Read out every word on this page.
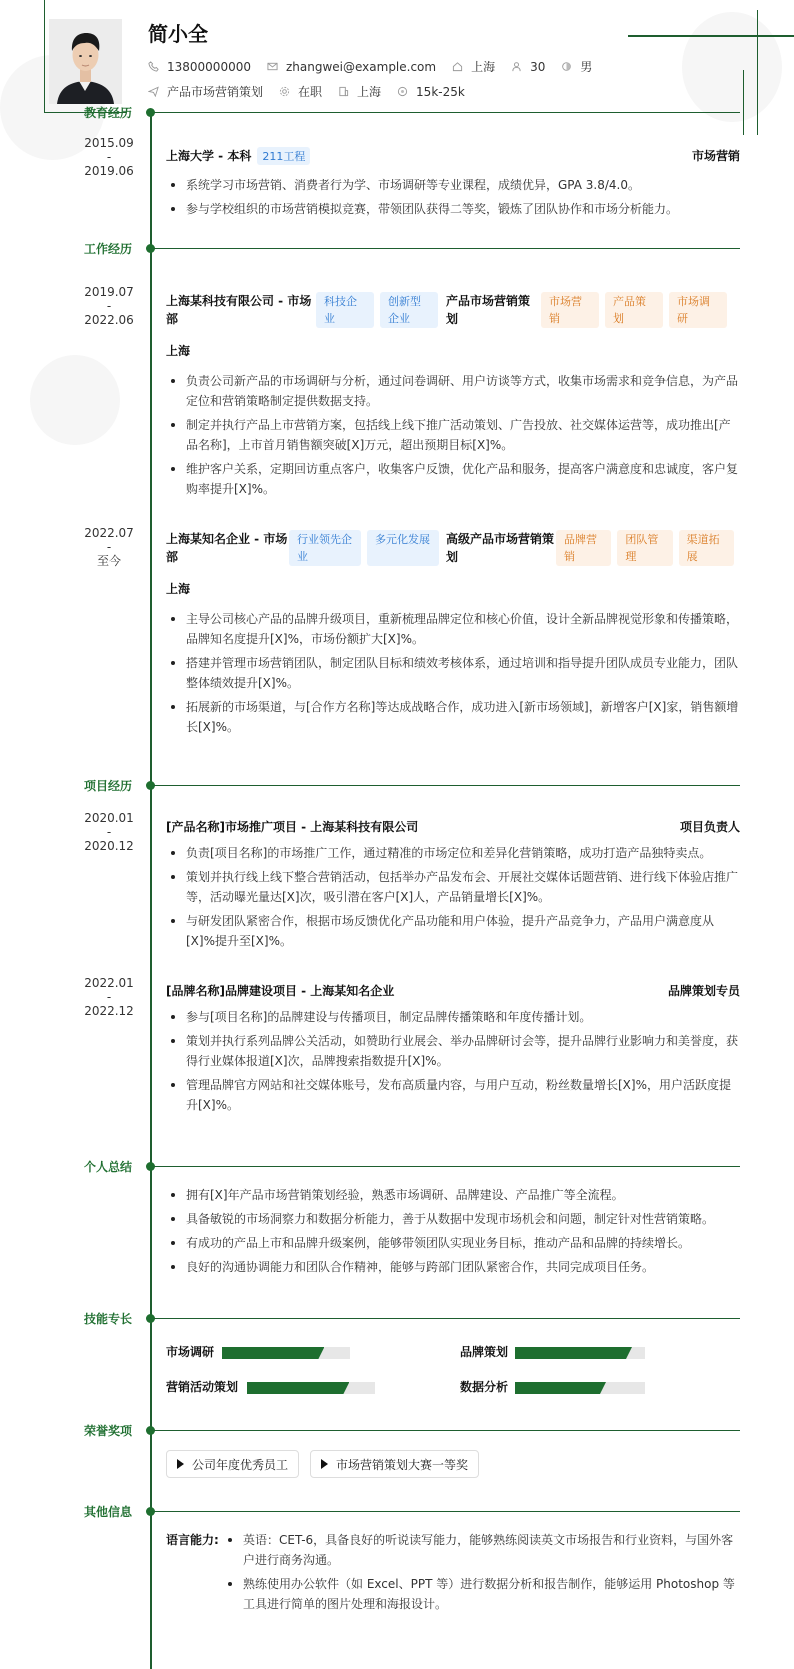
简小全
13800000000	zhangwei@example.com	上海	30	男
产品市场营销策划	在职	上海	15k-25k
教育经历
2015.09
-
2019.06
上海大学 - 本科 211工程	市场营销
系统学习市场营销、消费者行为学、市场调研等专业课程，成绩优异，GPA 3.8/4.0。
参与学校组织的市场营销模拟竞赛，带领团队获得二等奖，锻炼了团队协作和市场分析能力。
工作经历
2019.07
-
2022.06
上海某科技有限公司 - 市场部
科技企业
创新型企业
产品市场营销策划
市场营销
产品策划
市场调研
上海
负责公司新产品的市场调研与分析，通过问卷调研、用户访谈等方式，收集市场需求和竞争信息，为产品定位和营销策略制定提供数据支持。
制定并执行产品上市营销方案，包括线上线下推广活动策划、广告投放、社交媒体运营等，成功推出[产品名称]，上市首月销售额突破[X]万元，超出预期目标[X]%。
维护客户关系，定期回访重点客户，收集客户反馈，优化产品和服务，提高客户满意度和忠诚度，客户复购率提升[X]%。
2022.07
-
至今
上海某知名企业 - 市场部
行业领先企业
多元化发展	高级产品市场营销策划
品牌营销
团队管理
渠道拓展
上海
主导公司核心产品的品牌升级项目，重新梳理品牌定位和核心价值，设计全新品牌视觉形象和传播策略，品牌知名度提升[X]%，市场份额扩大[X]%。
搭建并管理市场营销团队，制定团队目标和绩效考核体系，通过培训和指导提升团队成员专业能力，团队整体绩效提升[X]%。
拓展新的市场渠道，与[合作方名称]等达成战略合作，成功进入[新市场领域]，新增客户[X]家，销售额增长[X]%。
项目经历
2020.01
-
2020.12
[产品名称]市场推广项目 - 上海某科技有限公司	项目负责人
负责[项目名称]的市场推广工作，通过精准的市场定位和差异化营销策略，成功打造产品独特卖点。
策划并执行线上线下整合营销活动，包括举办产品发布会、开展社交媒体话题营销、进行线下体验店推广等，活动曝光量达[X]次，吸引潜在客户[X]人，产品销量增长[X]%。
与研发团队紧密合作，根据市场反馈优化产品功能和用户体验，提升产品竞争力，产品用户满意度从[X]%提升至[X]%。
2022.01
-
2022.12
[品牌名称]品牌建设项目 - 上海某知名企业	品牌策划专员
参与[项目名称]的品牌建设与传播项目，制定品牌传播策略和年度传播计划。
策划并执行系列品牌公关活动，如赞助行业展会、举办品牌研讨会等，提升品牌行业影响力和美誉度，获得行业媒体报道[X]次，品牌搜索指数提升[X]%。
管理品牌官方网站和社交媒体账号，发布高质量内容，与用户互动，粉丝数量增长[X]%，用户活跃度提升[X]%。
个人总结
拥有[X]年产品市场营销策划经验，熟悉市场调研、品牌建设、产品推广等全流程。
具备敏锐的市场洞察力和数据分析能力，善于从数据中发现市场机会和问题，制定针对性营销策略。
有成功的产品上市和品牌升级案例，能够带领团队实现业务目标，推动产品和品牌的持续增长。
良好的沟通协调能力和团队合作精神，能够与跨部门团队紧密合作，共同完成项目任务。
技能专长
市场调研	品牌策划
营销活动策划	数据分析
荣誉奖项
公司年度优秀员工	市场营销策划大赛一等奖
其他信息
语言能力:	英语：CET-6，具备良好的听说读写能力，能够熟练阅读英文市场报告和行业资料，与国外客户进行商务沟通。
熟练使用办公软件（如 Excel、PPT 等）进行数据分析和报告制作，能够运用 Photoshop 等工具进行简单的图片处理和海报设计。
